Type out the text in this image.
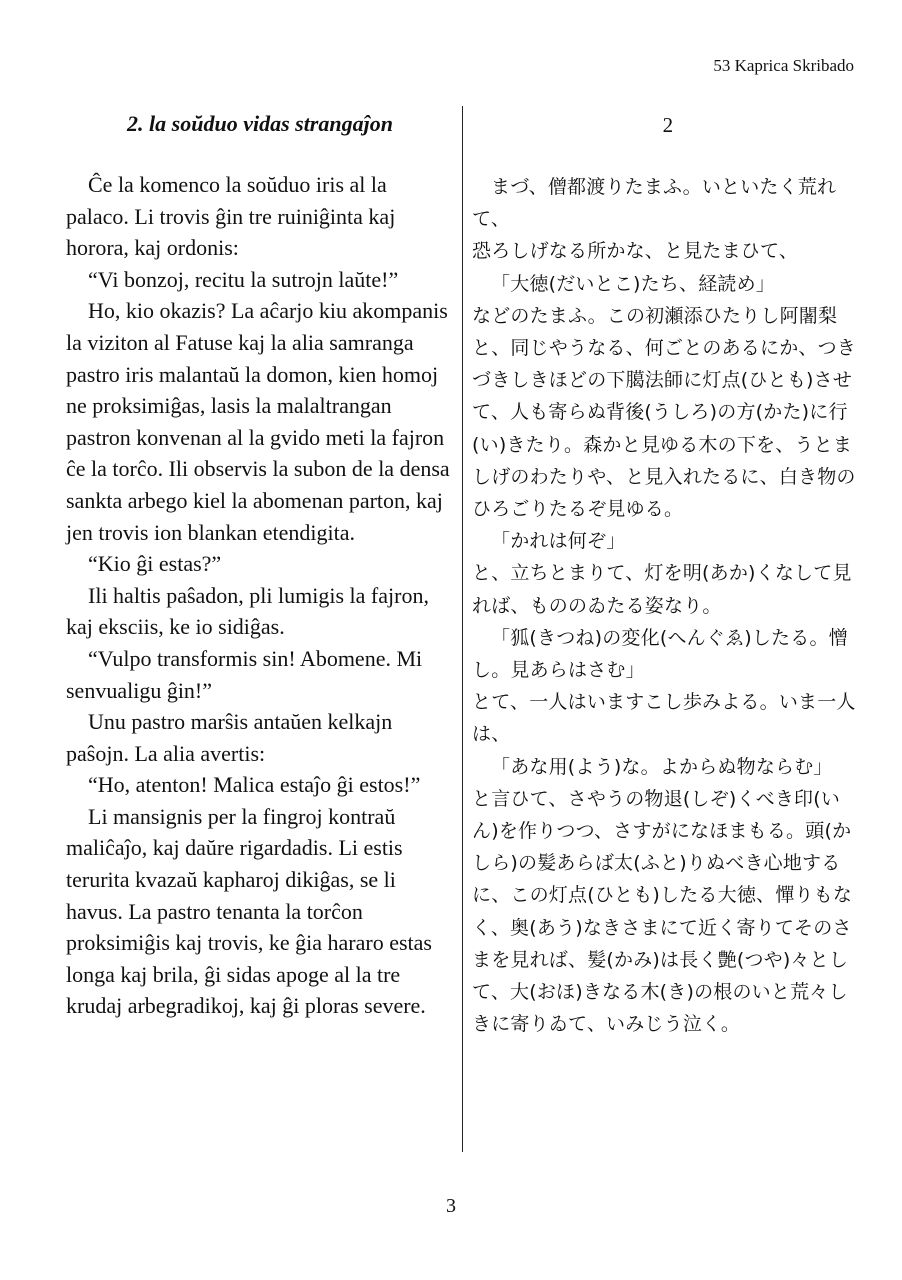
53 Kaprica Skribado
2. la soŭduo vidas strangaĵon

Ĉe la komenco la soŭduo iris al la palaco. Li trovis ĝin tre ruiniĝinta kaj horora, kaj ordonis:

“Vi bonzoj, recitu la sutrojn laŭte!”

Ho, kio okazis? La aĉarjo kiu akompanis la viziton al Fatuse kaj la alia samranga pastro iris malantaŭ la domon, kien homoj ne proksimiĝas, lasis la malaltrangan pastron konvenan al la gvido meti la fajron ĉe la torĉo. Ili observis la subon de la densa sankta arbego kiel la abomenan parton, kaj jen trovis ion blankan etendigita.

“Kio ĝi estas?”

Ili haltis paŝadon, pli lumigis la fajron, kaj eksciis, ke io sidiĝas.

“Vulpo transformis sin! Abomene. Mi senvualigu ĝin!”

Unu pastro marŝis antaŭen kelkajn paŝojn. La alia avertis:

“Ho, atenton! Malica estaĵo ĝi estos!”

Li mansignis per la fingroj kontraŭ maliĉaĵo, kaj daŭre rigardadis. Li estis terurita kvazaŭ kapharoj dikiĝas, se li havus. La pastro tenanta la torĉon proksimiĝis kaj trovis, ke ĝia hararo estas longa kaj brila, ĝi sidas apoge al la tre krudaj arbegradikoj, kaj ĝi ploras severe.

2

まづ、僧都渡りたまふ。いといたく荒れて、

恐ろしげなる所かな、と見たまひて、

「大徳(だいとこ)たち、経読め」

などのたまふ。この初瀬添ひたりし阿闍梨と、同じやうなる、何ごとのあるにか、つきづきしきほどの下臈法師に灯点(ひとも)させて、人も寄らぬ背後(うしろ)の方(かた)に行(い)きたり。森かと見ゆる木の下を、うとましげのわたりや、と見入れたるに、白き物のひろごりたるぞ見ゆる。

「かれは何ぞ」

と、立ちとまりて、灯を明(あか)くなして見れば、もののゐたる姿なり。

「狐(きつね)の変化(へんぐゑ)したる。憎し。見あらはさむ」

とて、一人はいますこし歩みよる。いま一人は、

「あな用(よう)な。よからぬ物ならむ」

と言ひて、さやうの物退(しぞ)くべき印(いん)を作りつつ、さすがになほまもる。頭(かしら)の髪あらば太(ふと)りぬべき心地するに、この灯点(ひとも)したる大徳、憚りもなく、奥(あう)なきさまにて近く寄りてそのさまを見れば、髪(かみ)は長く艶(つや)々として、大(おほ)きなる木(き)の根のいと荒々しきに寄りゐて、いみじう泣く。

3
